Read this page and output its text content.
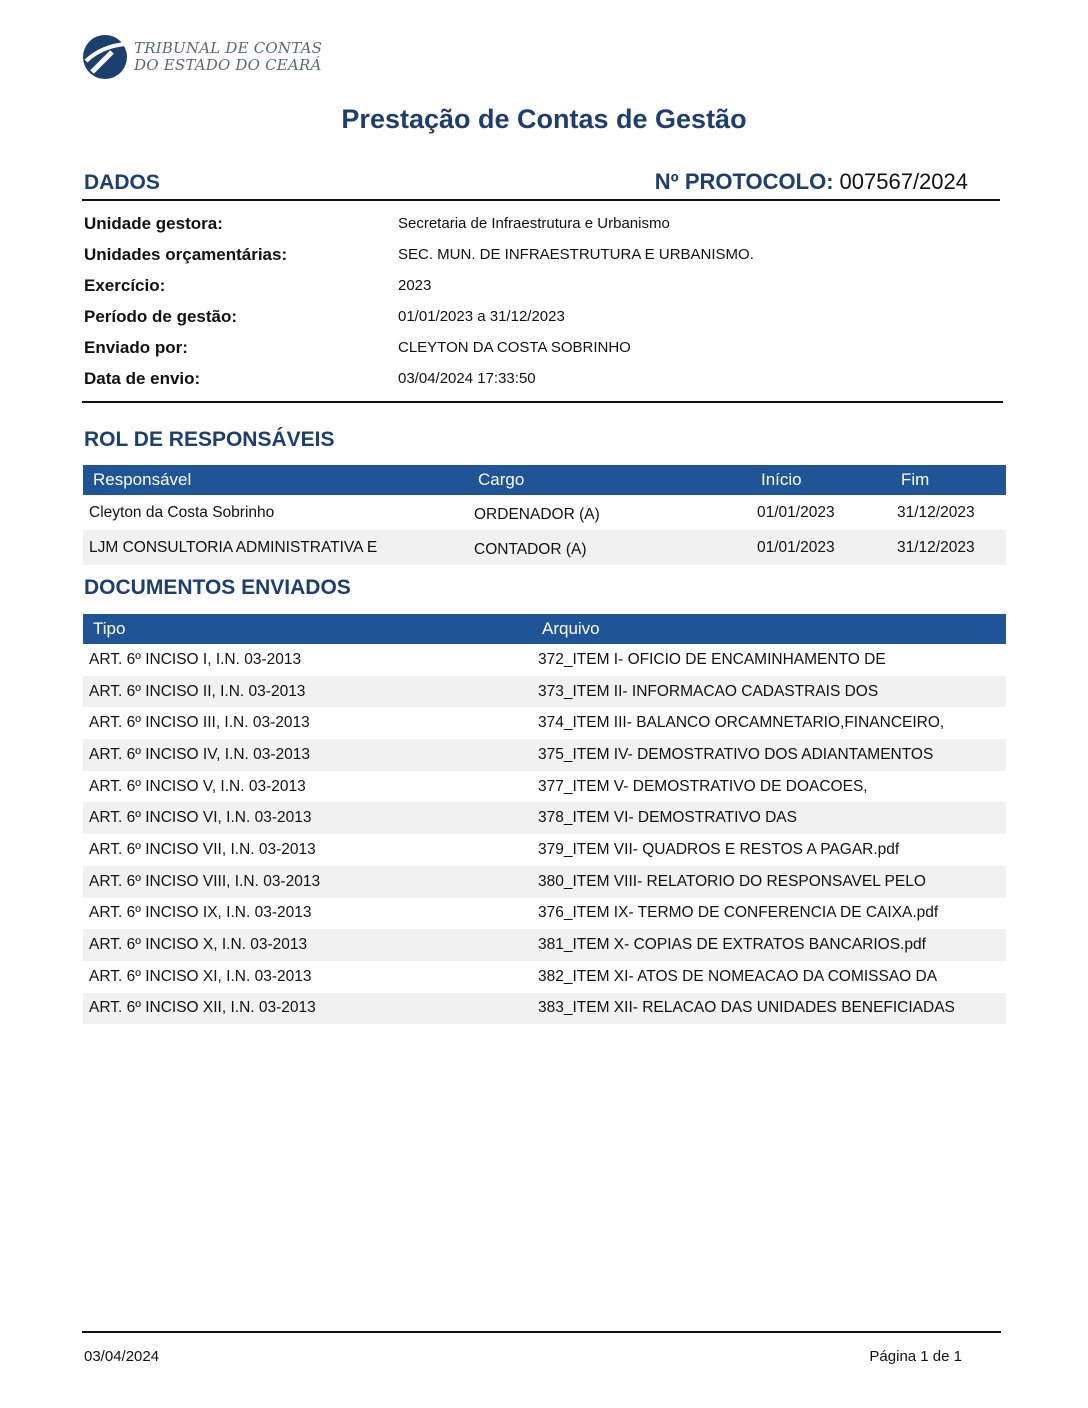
TRIBUNAL DE CONTAS
DO ESTADO DO CEARÁ
Prestação de Contas de Gestão
DADOS	Nº PROTOCOLO: 007567/2024
Unidade gestora:	Secretaria de Infraestrutura e Urbanismo
Unidades orçamentárias:	SEC. MUN. DE INFRAESTRUTURA E URBANISMO.
Exercício:	2023
Período de gestão:	01/01/2023 a 31/12/2023
Enviado por:	CLEYTON DA COSTA SOBRINHO
Data de envio:	03/04/2024 17:33:50
ROL DE RESPONSÁVEIS
Responsável	Cargo	Início	Fim
Cleyton da Costa Sobrinho	ORDENADOR (A)	01/01/2023	31/12/2023
LJM CONSULTORIA ADMINISTRATIVA E	CONTADOR (A)	01/01/2023	31/12/2023
DOCUMENTOS ENVIADOS
Tipo	Arquivo
ART. 6º INCISO I, I.N. 03-2013	372_ITEM I- OFICIO DE ENCAMINHAMENTO DE
ART. 6º INCISO II, I.N. 03-2013	373_ITEM II- INFORMACAO CADASTRAIS DOS
ART. 6º INCISO III, I.N. 03-2013	374_ITEM III- BALANCO ORCAMNETARIO,FINANCEIRO,
ART. 6º INCISO IV, I.N. 03-2013	375_ITEM IV- DEMOSTRATIVO DOS ADIANTAMENTOS
ART. 6º INCISO V, I.N. 03-2013	377_ITEM V- DEMOSTRATIVO DE DOACOES,
ART. 6º INCISO VI, I.N. 03-2013	378_ITEM VI- DEMOSTRATIVO DAS
ART. 6º INCISO VII, I.N. 03-2013	379_ITEM VII- QUADROS E RESTOS A PAGAR.pdf
ART. 6º INCISO VIII, I.N. 03-2013	380_ITEM VIII- RELATORIO DO RESPONSAVEL PELO
ART. 6º INCISO IX, I.N. 03-2013	376_ITEM IX- TERMO DE CONFERENCIA DE CAIXA.pdf
ART. 6º INCISO X, I.N. 03-2013	381_ITEM X- COPIAS DE EXTRATOS BANCARIOS.pdf
ART. 6º INCISO XI, I.N. 03-2013	382_ITEM XI- ATOS DE NOMEACAO DA COMISSAO DA
ART. 6º INCISO XII, I.N. 03-2013	383_ITEM XII- RELACAO DAS UNIDADES BENEFICIADAS
03/04/2024	Página 1 de 1
